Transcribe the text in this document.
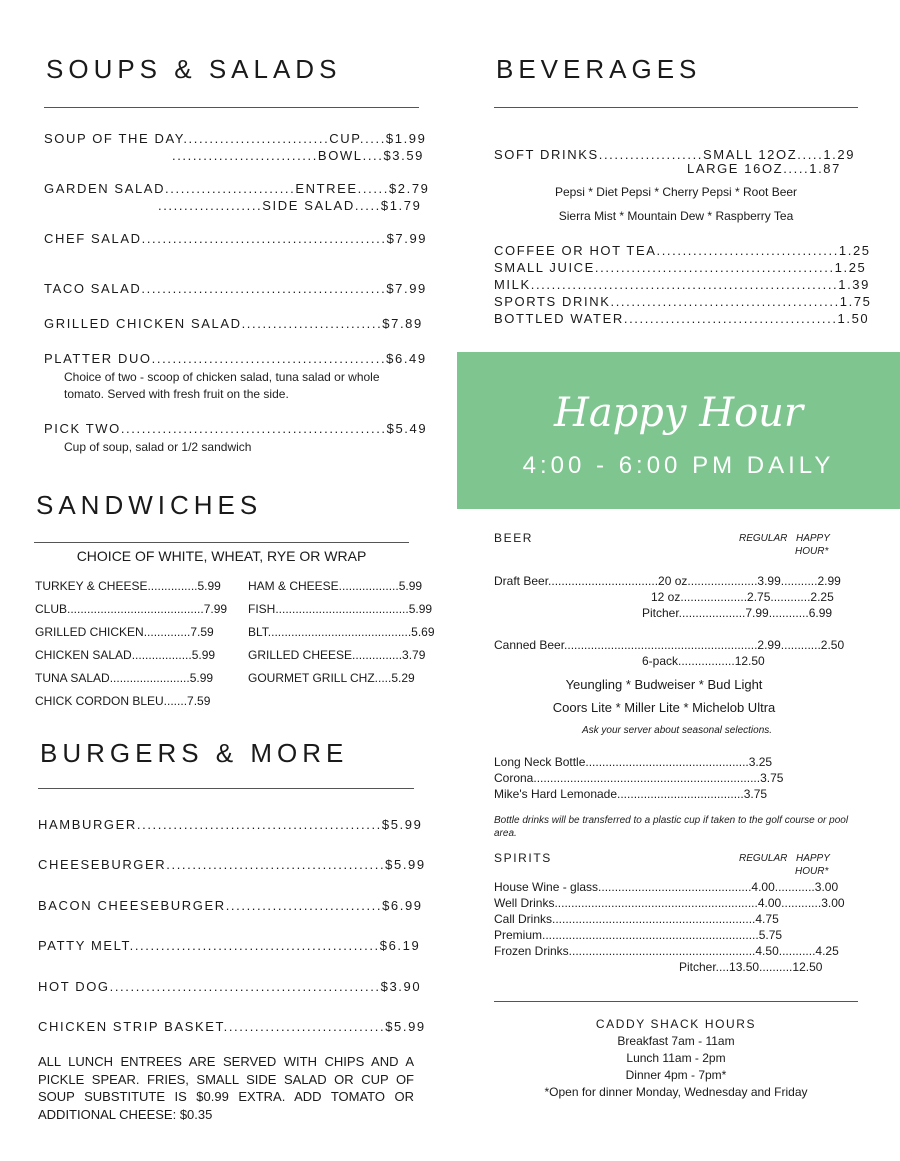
SOUPS & SALADS
SOUP OF THE DAY............................CUP.....$1.99
............................BOWL....$3.59
GARDEN SALAD.........................ENTREE......$2.79
....................SIDE SALAD.....$1.79
CHEF SALAD...............................................$7.99
TACO SALAD...............................................$7.99
GRILLED CHICKEN SALAD...........................$7.89
PLATTER DUO.............................................$6.49
Choice of two - scoop of chicken salad, tuna salad or whole tomato. Served with fresh fruit on the side.
PICK TWO...................................................$5.49
Cup of soup, salad or 1/2 sandwich
SANDWICHES
CHOICE OF WHITE, WHEAT, RYE OR WRAP
TURKEY & CHEESE...............5.99
CLUB.........................................7.99
GRILLED CHICKEN..............7.59
CHICKEN SALAD..................5.99
TUNA SALAD........................5.99
CHICK CORDON BLEU.......7.59
HAM & CHEESE..................5.99
FISH........................................5.99
BLT...........................................5.69
GRILLED CHEESE...............3.79
GOURMET GRILL CHZ.....5.29
BURGERS & MORE
HAMBURGER...............................................$5.99
CHEESEBURGER..........................................$5.99
BACON CHEESEBURGER..............................$6.99
PATTY MELT................................................$6.19
HOT DOG....................................................$3.90
CHICKEN STRIP BASKET...............................$5.99
ALL LUNCH ENTREES ARE SERVED WITH CHIPS AND A PICKLE SPEAR. FRIES, SMALL SIDE SALAD OR CUP OF SOUP SUBSTITUTE IS $0.99 EXTRA. ADD TOMATO OR ADDITIONAL CHEESE: $0.35
BEVERAGES
SOFT DRINKS....................SMALL 12OZ.....1.29
LARGE 16OZ.....1.87
Pepsi * Diet Pepsi * Cherry Pepsi * Root Beer
Sierra Mist * Mountain Dew * Raspberry Tea
COFFEE OR HOT TEA...................................1.25
SMALL JUICE..............................................1.25
MILK...........................................................1.39
SPORTS DRINK............................................1.75
BOTTLED WATER.........................................1.50
Happy Hour
4:00 - 6:00 PM DAILY
BEER	REGULAR HAPPY
HOUR*
Draft Beer.................................20 oz.....................3.99...........2.99
12 oz....................2.75............2.25
Pitcher....................7.99............6.99
Canned Beer..........................................................2.99............2.50
6-pack.................12.50
Yeungling * Budweiser * Bud Light
Coors Lite * Miller Lite * Michelob Ultra
Ask your server about seasonal selections.
Long Neck Bottle.................................................3.25
Corona....................................................................3.75
Mike's Hard Lemonade......................................3.75
Bottle drinks will be transferred to a plastic cup if taken to the golf course or pool area.
SPIRITS	REGULAR HAPPY
HOUR*
House Wine - glass..............................................4.00............3.00
Well Drinks.............................................................4.00............3.00
Call Drinks.............................................................4.75
Premium.................................................................5.75
Frozen Drinks........................................................4.50...........4.25
Pitcher....13.50..........12.50
CADDY SHACK HOURS
Breakfast 7am - 11am
Lunch 11am - 2pm
Dinner 4pm - 7pm*
*Open for dinner Monday, Wednesday and Friday
